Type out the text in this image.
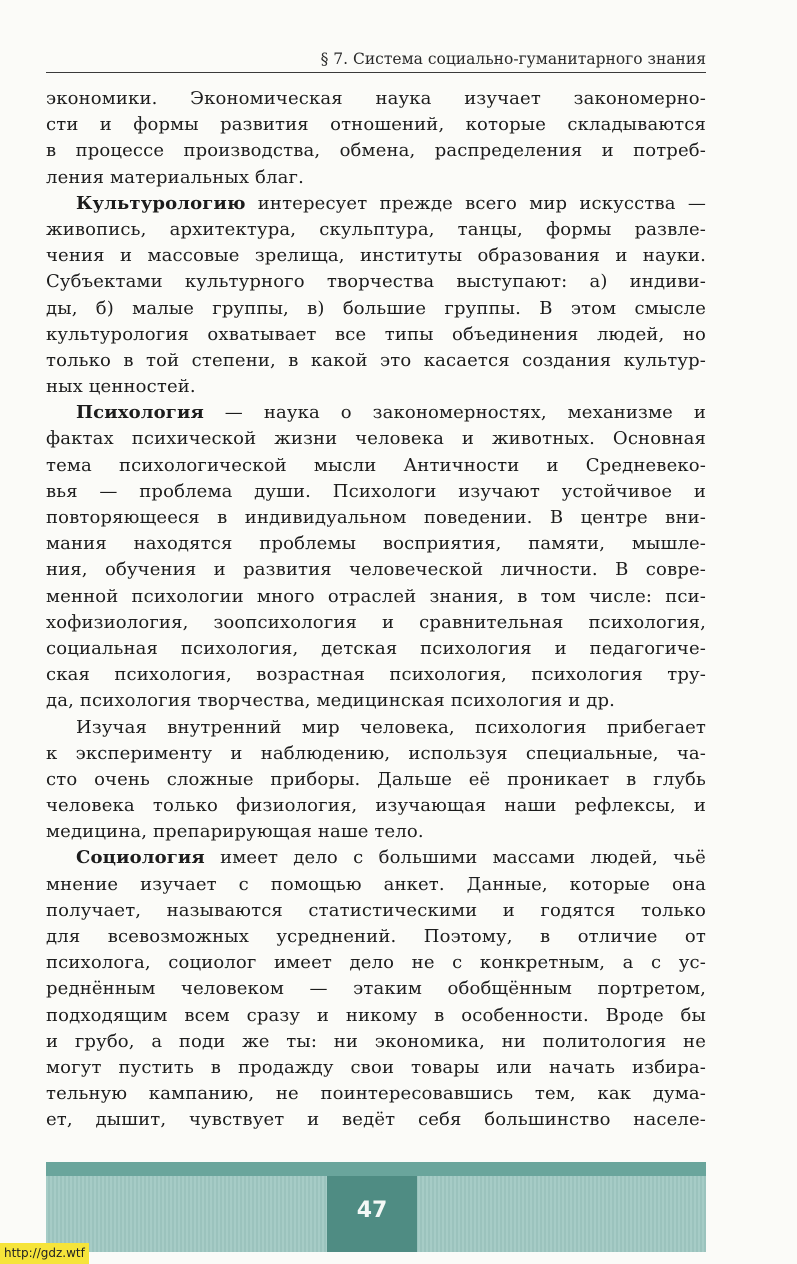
§ 7. Система социально-гуманитарного знания
экономики. Экономическая наука изучает закономерно-
сти и формы развития отношений, которые складываются
в процессе производства, обмена, распределения и потреб-
ления материальных благ.
Культурологию интересует прежде всего мир искусства —
живопись, архитектура, скульптура, танцы, формы развле-
чения и массовые зрелища, институты образования и науки.
Субъектами культурного творчества выступают: а) индиви-
ды, б) малые группы, в) большие группы. В этом смысле
культурология охватывает все типы объединения людей, но
только в той степени, в какой это касается создания культур-
ных ценностей.
Психология — наука о закономерностях, механизме и
фактах психической жизни человека и животных. Основная
тема психологической мысли Античности и Средневеко-
вья — проблема души. Психологи изучают устойчивое и
повторяющееся в индивидуальном поведении. В центре вни-
мания находятся проблемы восприятия, памяти, мышле-
ния, обучения и развития человеческой личности. В совре-
менной психологии много отраслей знания, в том числе: пси-
хофизиология, зоопсихология и сравнительная психология,
социальная психология, детская психология и педагогиче-
ская психология, возрастная психология, психология тру-
да, психология творчества, медицинская психология и др.
Изучая внутренний мир человека, психология прибегает
к эксперименту и наблюдению, используя специальные, ча-
сто очень сложные приборы. Дальше её проникает в глубь
человека только физиология, изучающая наши рефлексы, и
медицина, препарирующая наше тело.
Социология имеет дело с большими массами людей, чьё
мнение изучает с помощью анкет. Данные, которые она
получает, называются статистическими и годятся только
для всевозможных усреднений. Поэтому, в отличие от
психолога, социолог имеет дело не с конкретным, а с ус-
реднённым человеком — этаким обобщённым портретом,
подходящим всем сразу и никому в особенности. Вроде бы
и грубо, а поди же ты: ни экономика, ни политология не
могут пустить в продажду свои товары или начать избира-
тельную кампанию, не поинтересовавшись тем, как дума-
ет, дышит, чувствует и ведёт себя большинство населе-
47
http://gdz.wtf
